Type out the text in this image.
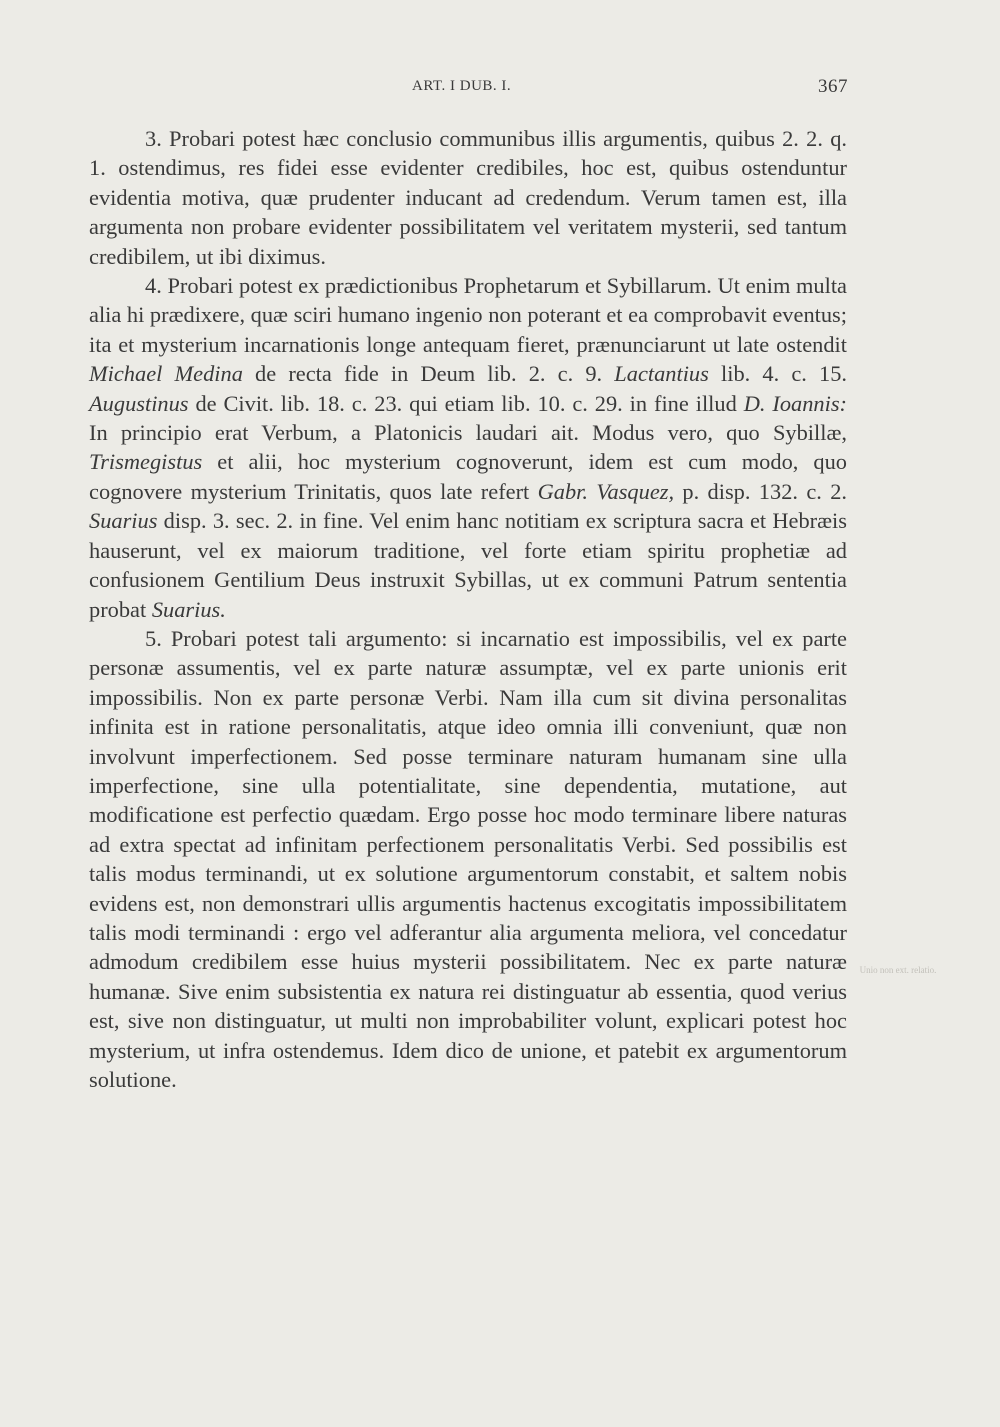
ART. I DUB. I.	367

3. Probari potest hæc conclusio communibus illis argumentis, quibus 2. 2. q. 1. ostendimus, res fidei esse evidenter credibiles, hoc est, quibus ostenduntur evidentia motiva, quæ prudenter inducant ad credendum. Verum tamen est, illa argumenta non probare evidenter possibilitatem vel veritatem mysterii, sed tantum credibilem, ut ibi diximus.

4. Probari potest ex prædictionibus Prophetarum et Sybillarum. Ut enim multa alia hi prædixere, quæ sciri humano ingenio non poterant et ea comprobavit eventus; ita et mysterium incarnationis longe antequam fieret, prænunciarunt ut late ostendit Michael Medina de recta fide in Deum lib. 2. c. 9. Lactantius lib. 4. c. 15. Augustinus de Civit. lib. 18. c. 23. qui etiam lib. 10. c. 29. in fine illud D. Ioannis: In principio erat Verbum, a Platonicis laudari ait. Modus vero, quo Sybillæ, Trismegistus et alii, hoc mysterium cognoverunt, idem est cum modo, quo cognovere mysterium Trinitatis, quos late refert Gabr. Vasquez, p. disp. 132. c. 2. Suarius disp. 3. sec. 2. in fine. Vel enim hanc notitiam ex scriptura sacra et Hebræis hauserunt, vel ex maiorum traditione, vel forte etiam spiritu prophetiæ ad confusionem Gentilium Deus instruxit Sybillas, ut ex communi Patrum sententia probat Suarius.

5. Probari potest tali argumento: si incarnatio est impossibilis, vel ex parte personæ assumentis, vel ex parte naturæ assumptæ, vel ex parte unionis erit impossibilis. Non ex parte personæ Verbi. Nam illa cum sit divina personalitas infinita est in ratione personalitatis, atque ideo omnia illi conveniunt, quæ non involvunt imperfectionem. Sed posse terminare naturam humanam sine ulla imperfectione, sine ulla potentialitate, sine dependentia, mutatione, aut modificatione est perfectio quædam. Ergo posse hoc modo terminare libere naturas ad extra spectat ad infinitam perfectionem personalitatis Verbi. Sed possibilis est talis modus terminandi, ut ex solutione argumentorum constabit, et saltem nobis evidens est, non demonstrari ullis argumentis hactenus excogitatis impossibilitatem talis modi terminandi : ergo vel adferantur alia argumenta meliora, vel concedatur admodum credibilem esse huius mysterii possibilitatem. Nec ex parte naturæ humanæ. Sive enim subsistentia ex natura rei distinguatur ab essentia, quod verius est, sive non distinguatur, ut multi non improbabiliter volunt, explicari potest hoc mysterium, ut infra ostendemus. Idem dico de unione, et patebit ex argumentorum solutione.

Unio non ext. relatio.
